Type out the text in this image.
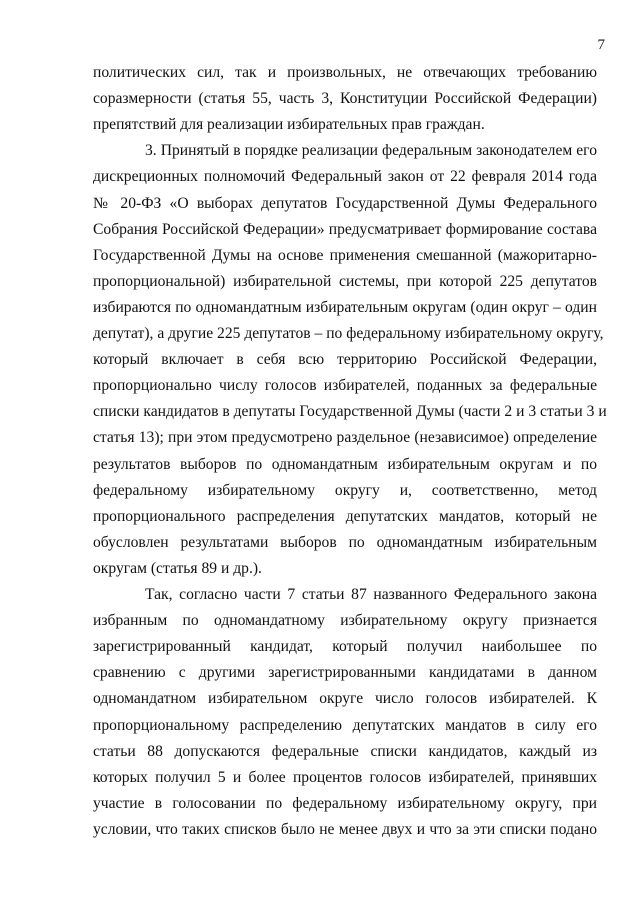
7
политических сил, так и произвольных, не отвечающих требованию
соразмерности (статья 55, часть 3, Конституции Российской Федерации)
препятствий для реализации избирательных прав граждан.
3. Принятый в порядке реализации федеральным законодателем его
дискреционных полномочий Федеральный закон от 22 февраля 2014 года
№ 20-ФЗ «О выборах депутатов Государственной Думы Федерального
Собрания Российской Федерации» предусматривает формирование состава
Государственной Думы на основе применения смешанной (мажоритарно-
пропорциональной) избирательной системы, при которой 225 депутатов
избираются по одномандатным избирательным округам (один округ – один
депутат), а другие 225 депутатов – по федеральному избирательному округу,
который включает в себя всю территорию Российской Федерации,
пропорционально числу голосов избирателей, поданных за федеральные
списки кандидатов в депутаты Государственной Думы (части 2 и 3 статьи 3 и
статья 13); при этом предусмотрено раздельное (независимое) определение
результатов выборов по одномандатным избирательным округам и по
федеральному избирательному округу и, соответственно, метод
пропорционального распределения депутатских мандатов, который не
обусловлен результатами выборов по одномандатным избирательным
округам (статья 89 и др.).
Так, согласно части 7 статьи 87 названного Федерального закона
избранным по одномандатному избирательному округу признается
зарегистрированный кандидат, который получил наибольшее по
сравнению с другими зарегистрированными кандидатами в данном
одномандатном избирательном округе число голосов избирателей. К
пропорциональному распределению депутатских мандатов в силу его
статьи 88 допускаются федеральные списки кандидатов, каждый из
которых получил 5 и более процентов голосов избирателей, принявших
участие в голосовании по федеральному избирательному округу, при
условии, что таких списков было не менее двух и что за эти списки подано
